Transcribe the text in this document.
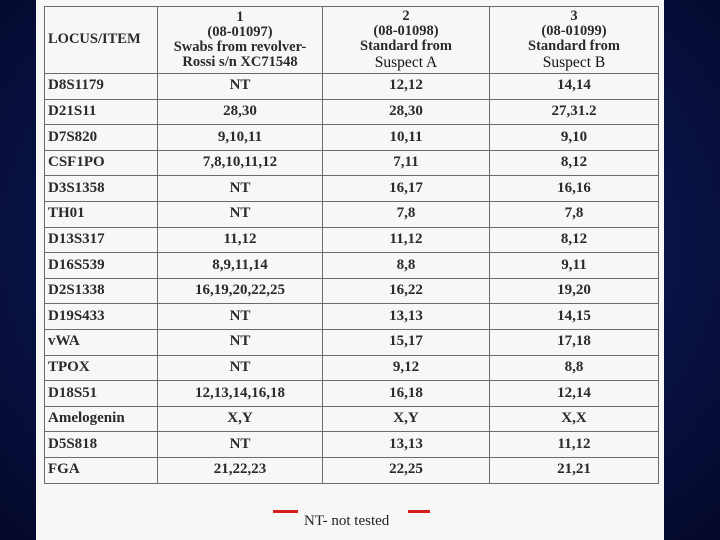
LOCUS/ITEM	1
(08-01097)
Swabs from revolver-
Rossi s/n XC71548	2
(08-01098)
Standard from
Suspect A	3
(08-01099)
Standard from
Suspect B

D8S1179	NT	12,12	14,14
D21S11	28,30	28,30	27,31.2
D7S820	9,10,11	10,11	9,10
CSF1PO	7,8,10,11,12	7,11	8,12
D3S1358	NT	16,17	16,16
TH01	NT	7,8	7,8
D13S317	11,12	11,12	8,12
D16S539	8,9,11,14	8,8	9,11
D2S1338	16,19,20,22,25	16,22	19,20
D19S433	NT	13,13	14,15
vWA	NT	15,17	17,18
TPOX	NT	9,12	8,8
D18S51	12,13,14,16,18	16,18	12,14
Amelogenin	X,Y	X,Y	X,X
D5S818	NT	13,13	11,12
FGA	21,22,23	22,25	21,21
NT- not tested
